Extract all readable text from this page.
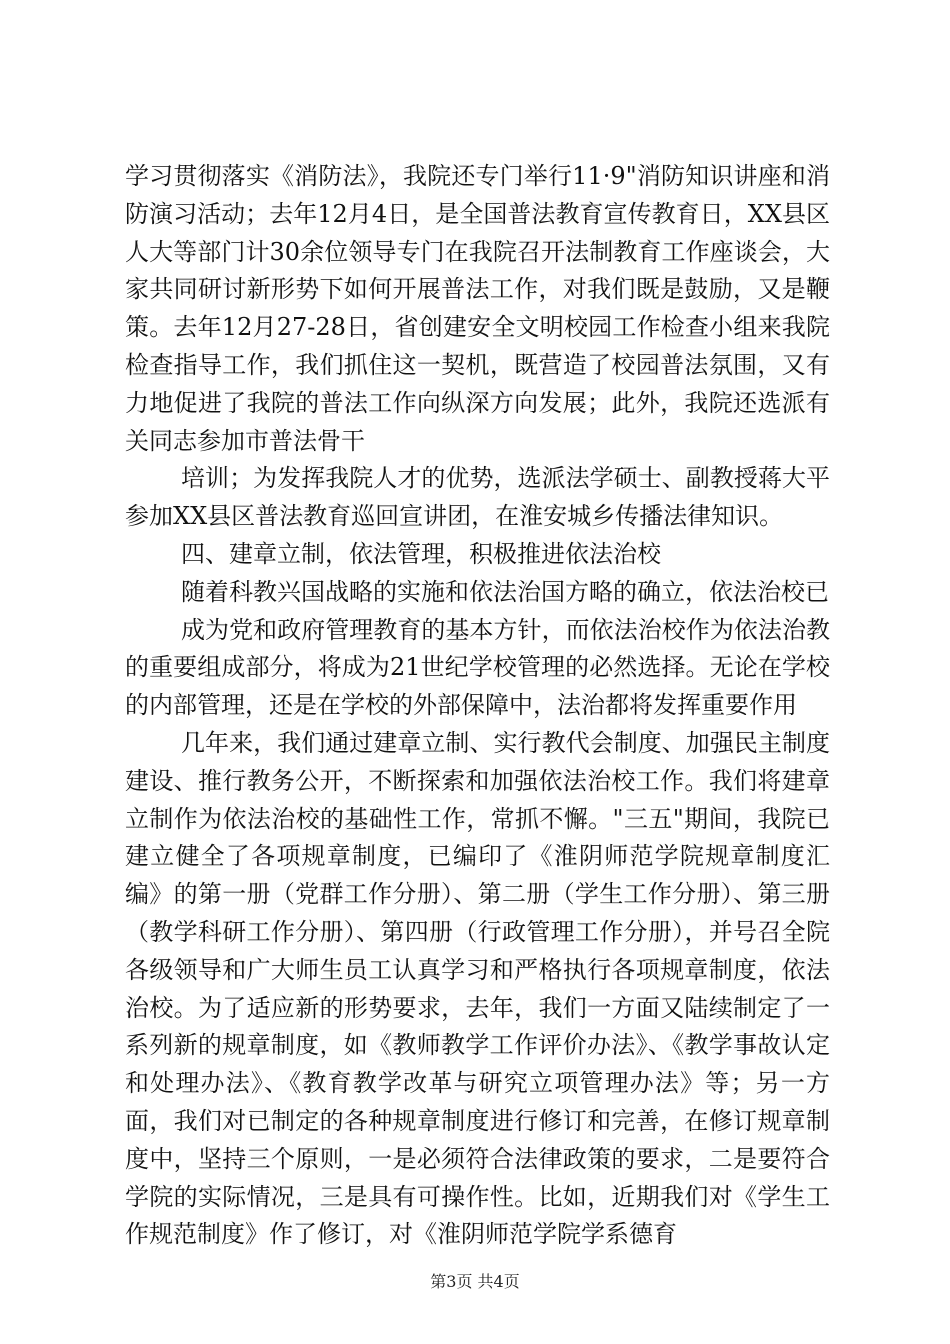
学习贯彻落实《消防法》，我院还专门举行11·9"消防知识讲座和消防演习活动；去年12月4日，是全国普法教育宣传教育日，XX县区人大等部门计30余位领导专门在我院召开法制教育工作座谈会，大家共同研讨新形势下如何开展普法工作，对我们既是鼓励，又是鞭策。去年12月27-28日，省创建安全文明校园工作检查小组来我院检查指导工作，我们抓住这一契机，既营造了校园普法氛围，又有力地促进了我院的普法工作向纵深方向发展；此外，我院还选派有关同志参加市普法骨干

培训；为发挥我院人才的优势，选派法学硕士、副教授蒋大平参加XX县区普法教育巡回宣讲团，在淮安城乡传播法律知识。

四、建章立制，依法管理，积极推进依法治校

随着科教兴国战略的实施和依法治国方略的确立，依法治校已

成为党和政府管理教育的基本方针，而依法治校作为依法治教的重要组成部分，将成为21世纪学校管理的必然选择。无论在学校的内部管理，还是在学校的外部保障中，法治都将发挥重要作用

几年来，我们通过建章立制、实行教代会制度、加强民主制度建设、推行教务公开，不断探索和加强依法治校工作。我们将建章立制作为依法治校的基础性工作，常抓不懈。"三五"期间，我院已建立健全了各项规章制度，已编印了《淮阴师范学院规章制度汇编》的第一册（党群工作分册）、第二册（学生工作分册）、第三册（教学科研工作分册）、第四册（行政管理工作分册），并号召全院各级领导和广大师生员工认真学习和严格执行各项规章制度，依法治校。为了适应新的形势要求，去年，我们一方面又陆续制定了一系列新的规章制度，如《教师教学工作评价办法》、《教学事故认定和处理办法》、《教育教学改革与研究立项管理办法》等；另一方面，我们对已制定的各种规章制度进行修订和完善，在修订规章制度中，坚持三个原则，一是必须符合法律政策的要求，二是要符合学院的实际情况，三是具有可操作性。比如，近期我们对《学生工作规范制度》作了修订，对《淮阴师范学院学系德育

第3页 共4页
